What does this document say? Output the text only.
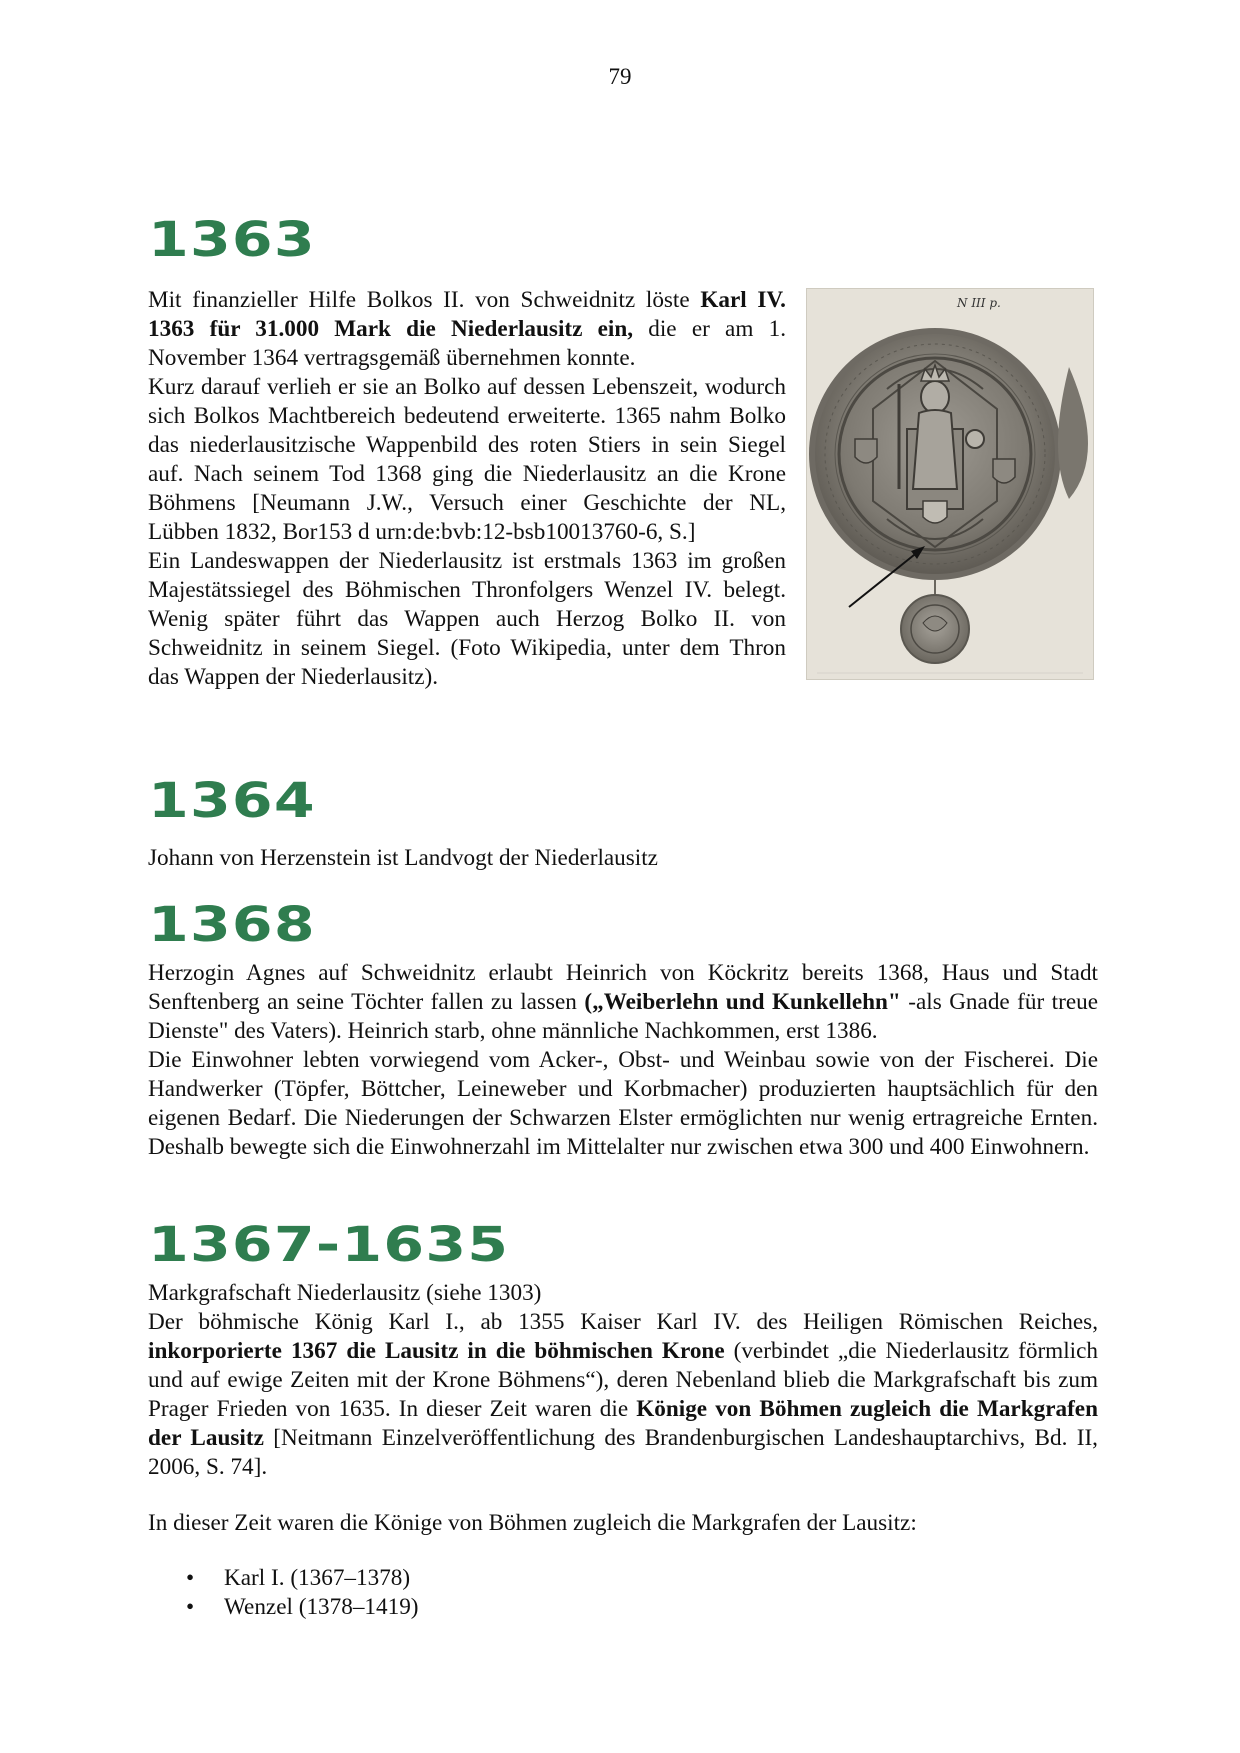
79
1363

Mit finanzieller Hilfe Bolkos II. von Schweidnitz löste Karl IV. 1363 für 31.000 Mark die Niederlausitz ein, die er am 1. November 1364 vertragsgemäß übernehmen konnte.

Kurz darauf verlieh er sie an Bolko auf dessen Lebenszeit, wodurch sich Bolkos Machtbereich bedeutend erweiterte. 1365 nahm Bolko das niederlausitzische Wappenbild des roten Stiers in sein Siegel auf. Nach seinem Tod 1368 ging die Niederlausitz an die Krone Böhmens [Neumann J.W., Versuch einer Geschichte der NL, Lübben 1832, Bor153 d urn:de:bvb:12-bsb10013760-6, S.]

Ein Landeswappen der Niederlausitz ist erstmals 1363 im großen Majestätssiegel des Böhmischen Thronfolgers Wenzel IV. belegt. Wenig später führt das Wappen auch Herzog Bolko II. von Schweidnitz in seinem Siegel. (Foto Wikipedia, unter dem Thron das Wappen der Niederlausitz).

N III p.
1364

Johann von Herzenstein ist Landvogt der Niederlausitz

1368

Herzogin Agnes auf Schweidnitz erlaubt Heinrich von Köckritz bereits 1368, Haus und Stadt Senftenberg an seine Töchter fallen zu lassen („Weiberlehn und Kunkellehn" -als Gnade für treue Dienste" des Vaters). Heinrich starb, ohne männliche Nachkommen, erst 1386.

Die Einwohner lebten vorwiegend vom Acker-, Obst- und Weinbau sowie von der Fischerei. Die Handwerker (Töpfer, Böttcher, Leineweber und Korbmacher) produzierten hauptsächlich für den eigenen Bedarf. Die Niederungen der Schwarzen Elster ermöglichten nur wenig ertragreiche Ernten. Deshalb bewegte sich die Einwohnerzahl im Mittelalter nur zwischen etwa 300 und 400 Einwohnern.

1367-1635

Markgrafschaft Niederlausitz (siehe 1303)

Der böhmische König Karl I., ab 1355 Kaiser Karl IV. des Heiligen Römischen Reiches, inkorporierte 1367 die Lausitz in die böhmischen Krone (verbindet „die Niederlausitz förmlich und auf ewige Zeiten mit der Krone Böhmens“), deren Nebenland blieb die Markgrafschaft bis zum Prager Frieden von 1635. In dieser Zeit waren die Könige von Böhmen zugleich die Markgrafen der Lausitz [Neitmann Einzelveröffentlichung des Brandenburgischen Landeshauptarchivs, Bd. II, 2006, S. 74].

In dieser Zeit waren die Könige von Böhmen zugleich die Markgrafen der Lausitz:

• Karl I. (1367–1378)
• Wenzel (1378–1419)
